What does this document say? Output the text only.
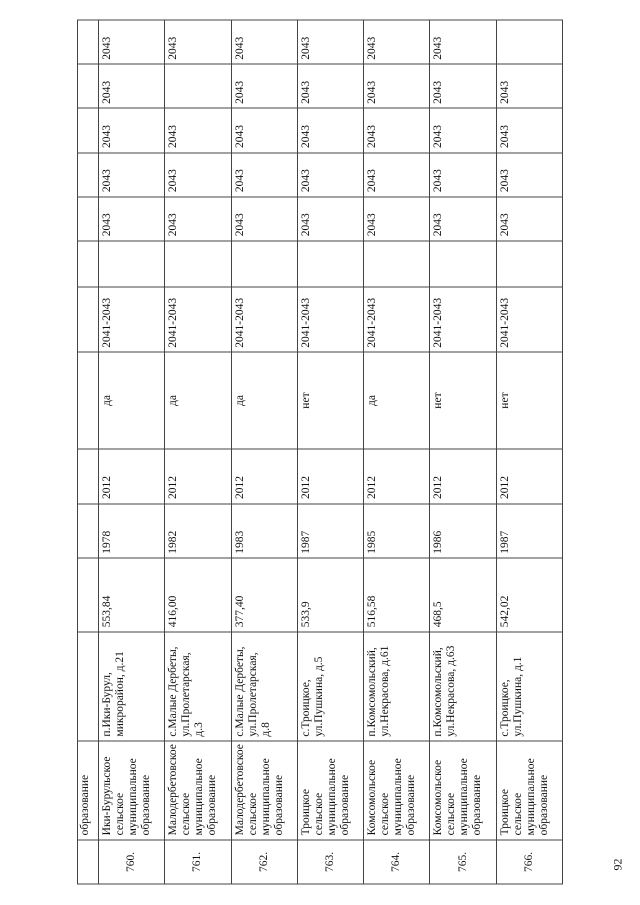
	образование												
760.	Ики-Бурульское сельское муниципальное образование	п.Ики-Бурул, микрорайон, д.21	553,84	1978	2012	да	2041-2043		2043	2043	2043	2043	2043
761.	Малодербетовское сельское муниципальное образование	с.Малые Дербеты, ул.Пролетарская, д.3	416,00	1982	2012	да	2041-2043		2043	2043	2043		2043
762.	Малодербетовское сельское муниципальное образование	с.Малые Дербеты, ул.Пролетарская, д.8	377,40	1983	2012	да	2041-2043		2043	2043	2043	2043	2043
763.	Троицкое сельское муниципальное образование	с.Троицкое, ул.Пушкина, д.5	533,9	1987	2012	нет	2041-2043		2043	2043	2043	2043	2043
764.	Комсомольское сельское муниципальное образование	п.Комсомольский, ул.Некрасова, д.61	516,58	1985	2012	да	2041-2043		2043	2043	2043	2043	2043
765.	Комсомольское сельское муниципальное образование	п.Комсомольский, ул.Некрасова, д.63	468,5	1986	2012	нет	2041-2043		2043	2043	2043	2043	2043
766.	Троицкое сельское муниципальное образование	с.Троицкое, ул.Пушкина, д.1	542,02	1987	2012	нет	2041-2043		2043	2043	2043	2043	
92
